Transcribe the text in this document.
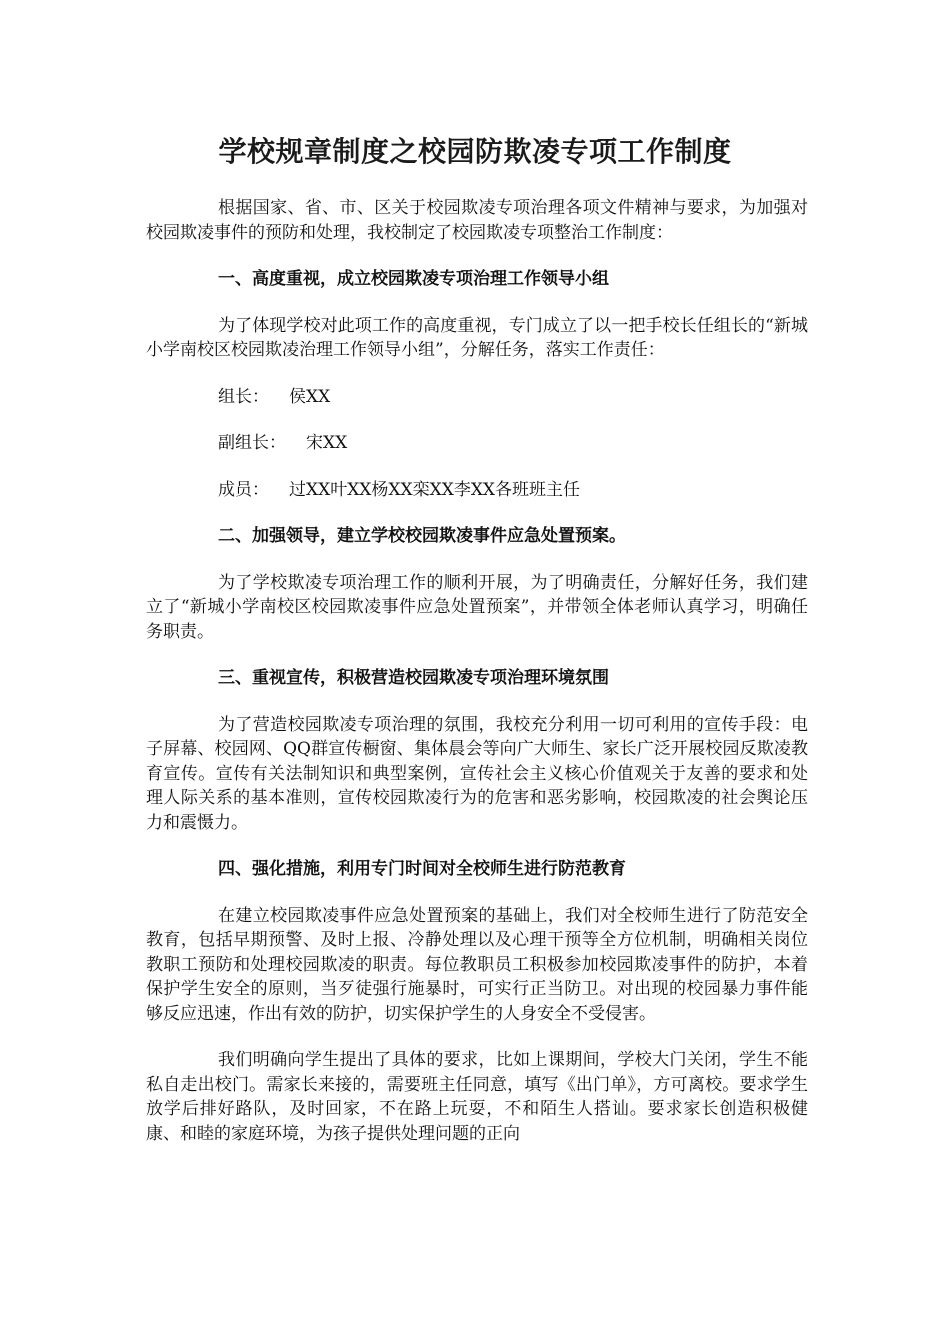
学校规章制度之校园防欺凌专项工作制度

根据国家、省、市、区关于校园欺凌专项治理各项文件精神与要求，为加强对校园欺凌事件的预防和处理，我校制定了校园欺凌专项整治工作制度：

一、高度重视，成立校园欺凌专项治理工作领导小组

为了体现学校对此项工作的高度重视，专门成立了以一把手校长任组长的“新城小学南校区校园欺凌治理工作领导小组”，分解任务，落实工作责任：

组长： 侯XX

副组长： 宋XX

成员： 过XX叶XX杨XX栾XX李XX各班班主任

二、加强领导，建立学校校园欺凌事件应急处置预案。

为了学校欺凌专项治理工作的顺利开展，为了明确责任，分解好任务，我们建立了“新城小学南校区校园欺凌事件应急处置预案”，并带领全体老师认真学习，明确任务职责。

三、重视宣传，积极营造校园欺凌专项治理环境氛围

为了营造校园欺凌专项治理的氛围，我校充分利用一切可利用的宣传手段：电子屏幕、校园网、QQ群宣传橱窗、集体晨会等向广大师生、家长广泛开展校园反欺凌教育宣传。宣传有关法制知识和典型案例，宣传社会主义核心价值观关于友善的要求和处理人际关系的基本准则，宣传校园欺凌行为的危害和恶劣影响，校园欺凌的社会舆论压力和震慑力。

四、强化措施，利用专门时间对全校师生进行防范教育

在建立校园欺凌事件应急处置预案的基础上，我们对全校师生进行了防范安全教育，包括早期预警、及时上报、冷静处理以及心理干预等全方位机制，明确相关岗位教职工预防和处理校园欺凌的职责。每位教职员工积极参加校园欺凌事件的防护，本着保护学生安全的原则，当歹徒强行施暴时，可实行正当防卫。对出现的校园暴力事件能够反应迅速，作出有效的防护，切实保护学生的人身安全不受侵害。

我们明确向学生提出了具体的要求，比如上课期间，学校大门关闭，学生不能私自走出校门。需家长来接的，需要班主任同意，填写《出门单》，方可离校。要求学生放学后排好路队，及时回家，不在路上玩耍，不和陌生人搭讪。要求家长创造积极健康、和睦的家庭环境，为孩子提供处理问题的正向
